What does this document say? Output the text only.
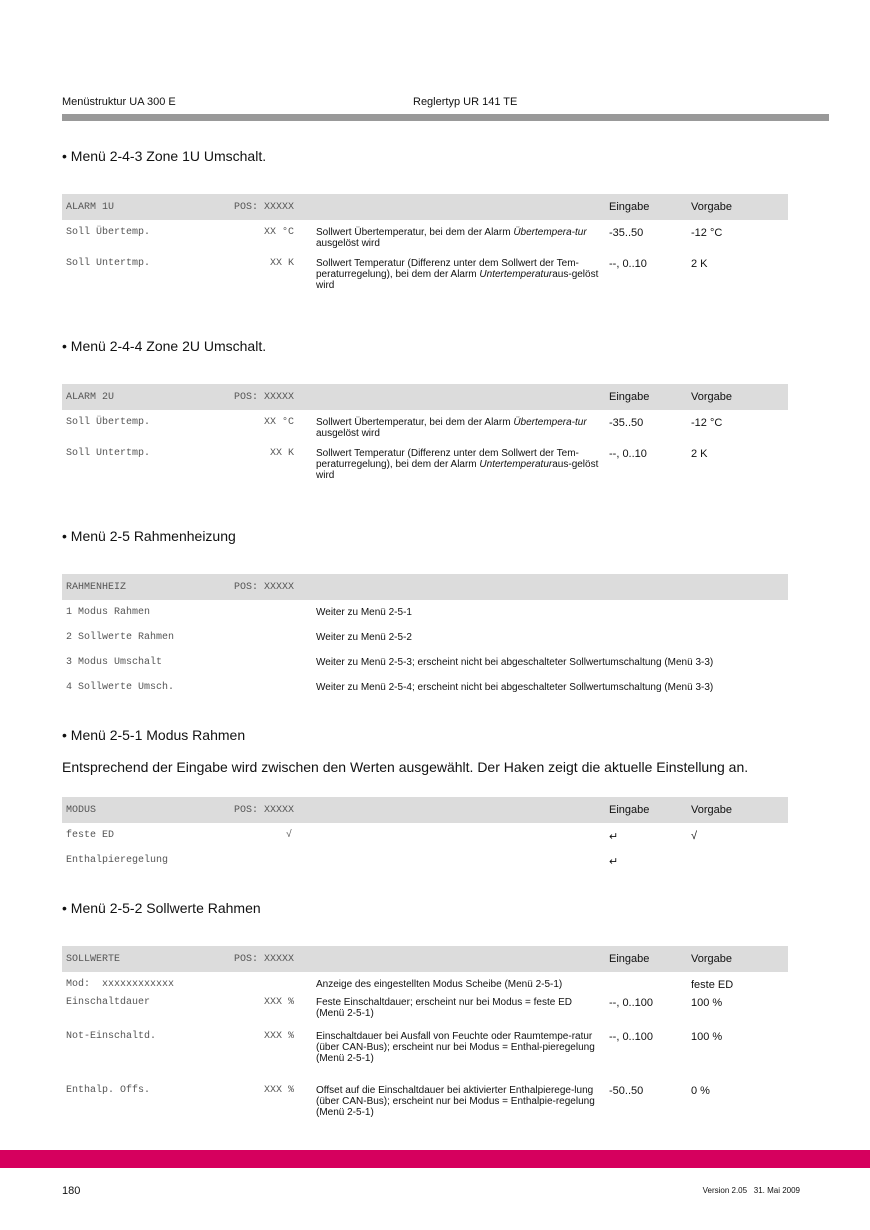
Menüstruktur UA 300 E	Reglertyp UR 141 TE
• Menü 2-4-3 Zone 1U Umschalt.
ALARM 1U	POS: XXXXX		Eingabe	Vorgabe
Soll Übertemp. XX °C		Sollwert Übertemperatur, bei dem der Alarm Übertempera-tur ausgelöst wird	-35..50	-12 °C
Soll Untertmp. XX K		Sollwert Temperatur (Differenz unter dem Sollwert der Tem-peraturregelung), bei dem der Alarm Untertemperaturaus-gelöst wird	--, 0..10	2 K
• Menü 2-4-4 Zone 2U Umschalt.
ALARM 2U	POS: XXXXX		Eingabe	Vorgabe
Soll Übertemp. XX °C		Sollwert Übertemperatur, bei dem der Alarm Übertempera-tur ausgelöst wird	-35..50	-12 °C
Soll Untertmp. XX K		Sollwert Temperatur (Differenz unter dem Sollwert der Tem-peraturregelung), bei dem der Alarm Untertemperaturaus-gelöst wird	--, 0..10	2 K
• Menü 2-5 Rahmenheizung
RAHMENHEIZ	POS: XXXXX

1 Modus Rahmen		Weiter zu Menü 2-5-1
2 Sollwerte Rahmen		Weiter zu Menü 2-5-2
3 Modus Umschalt		Weiter zu Menü 2-5-3; erscheint nicht bei abgeschalteter Sollwertumschaltung (Menü 3-3)
4 Sollwerte Umsch.		Weiter zu Menü 2-5-4; erscheint nicht bei abgeschalteter Sollwertumschaltung (Menü 3-3)
• Menü 2-5-1 Modus Rahmen
Entsprechend der Eingabe wird zwischen den Werten ausgewählt. Der Haken zeigt die aktuelle Einstellung an.
MODUS	POS: XXXXX		Eingabe	Vorgabe
feste ED √			↵	√
Enthalpieregelung			↵	
• Menü 2-5-2 Sollwerte Rahmen
SOLLWERTE	POS: XXXXX		Eingabe	Vorgabe
Mod:  xxxxxxxxxxxx		Anzeige des eingestellten Modus Scheibe (Menü 2-5-1)		feste ED
Einschaltdauer XXX %		Feste Einschaltdauer; erscheint nur bei Modus = feste ED (Menü 2-5-1)	--, 0..100	100 %
Not-Einschaltd. XXX %		Einschaltdauer bei Ausfall von Feuchte oder Raumtempe-ratur (über CAN-Bus); erscheint nur bei Modus = Enthal-pieregelung (Menü 2-5-1)	--, 0..100	100 %
Enthalp. Offs. XXX %		Offset auf die Einschaltdauer bei aktivierter Enthalpierege-lung (über CAN-Bus); erscheint nur bei Modus = Enthalpie-regelung (Menü 2-5-1)	-50..50	0 %
180	Version 2.05   31. Mai 2009
